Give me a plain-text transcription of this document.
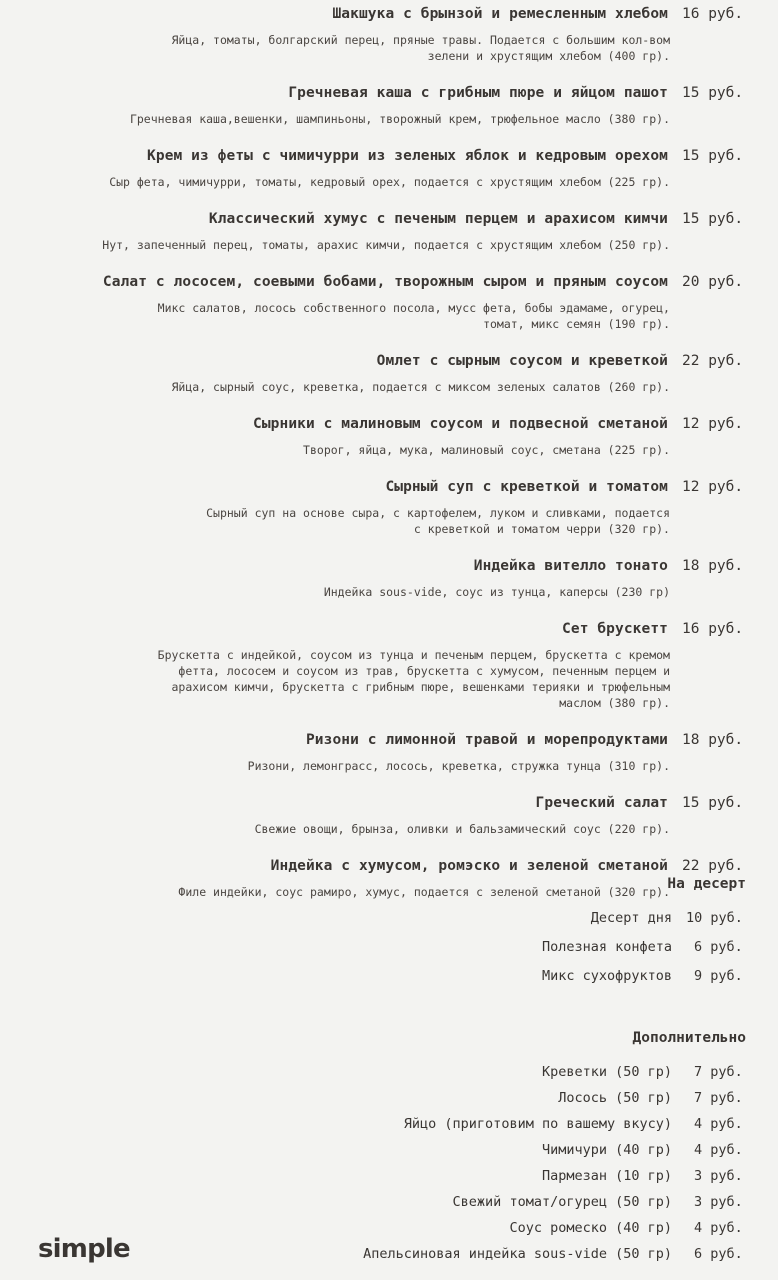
Шакшука с брынзой и ремесленным хлебом 16 руб.
Яйца, томаты, болгарский перец, пряные травы. Подается с большим кол-вом
зелени и хрустящим хлебом (400 гр).
Гречневая каша с грибным пюре и яйцом пашот 15 руб.
Гречневая каша,вешенки, шампиньоны, творожный крем, трюфельное масло (380 гр).
Крем из феты с чимичурри из зеленых яблок и кедровым орехом 15 руб.
Сыр фета, чимичурри, томаты, кедровый орех, подается с хрустящим хлебом (225 гр).
Классический хумус с печеным перцем и арахисом кимчи 15 руб.
Нут, запеченный перец, томаты, арахис кимчи, подается с хрустящим хлебом (250 гр).
Салат с лососем, соевыми бобами, творожным сыром и пряным соусом 20 руб.
Микс салатов, лосось собственного посола, мусс фета, бобы эдамаме, огурец,
томат, микс семян (190 гр).
Омлет с сырным соусом и креветкой 22 руб.
Яйца, сырный соус, креветка, подается с миксом зеленых салатов (260 гр).
Сырники с малиновым соусом и подвесной сметаной 12 руб.
Творог, яйца, мука, малиновый соус, сметана (225 гр).
Сырный суп с креветкой и томатом 12 руб.
Сырный суп на основе сыра, с картофелем, луком и сливками, подается
с креветкой и томатом черри (320 гр).
Индейка вителло тонато 18 руб.
Индейка sous-vide, соус из тунца, каперсы (230 гр)
Сет брускетт 16 руб.
Брускетта с индейкой, соусом из тунца и печеным перцем, брускетта с кремом
фетта, лососем и соусом из трав, брускетта с хумусом, печенным перцем и
арахисом кимчи, брускетта с грибным пюре, вешенками терияки и трюфельным
маслом (380 гр).
Ризони с лимонной травой и морепродуктами 18 руб.
Ризони, лемонграсс, лосось, креветка, стружка тунца (310 гр).
Греческий салат 15 руб.
Свежие овощи, брынза, оливки и бальзамический соус (220 гр).
Индейка с хумусом, ромэско и зеленой сметаной 22 руб.
Филе индейки, соус рамиро, хумус, подается с зеленой сметаной (320 гр).
На десерт
Десерт дня 10 руб.
Полезная конфета 6 руб.
Микс сухофруктов 9 руб.
Дополнительно
Креветки (50 гр) 7 руб.
Лосось (50 гр) 7 руб.
Яйцо (приготовим по вашему вкусу) 4 руб.
Чимичури (40 гр) 4 руб.
Пармезан (10 гр) 3 руб.
Свежий томат/огурец (50 гр) 3 руб.
Соус ромеско (40 гр) 4 руб.
Апельсиновая индейка sous-vide (50 гр) 6 руб.
simple
